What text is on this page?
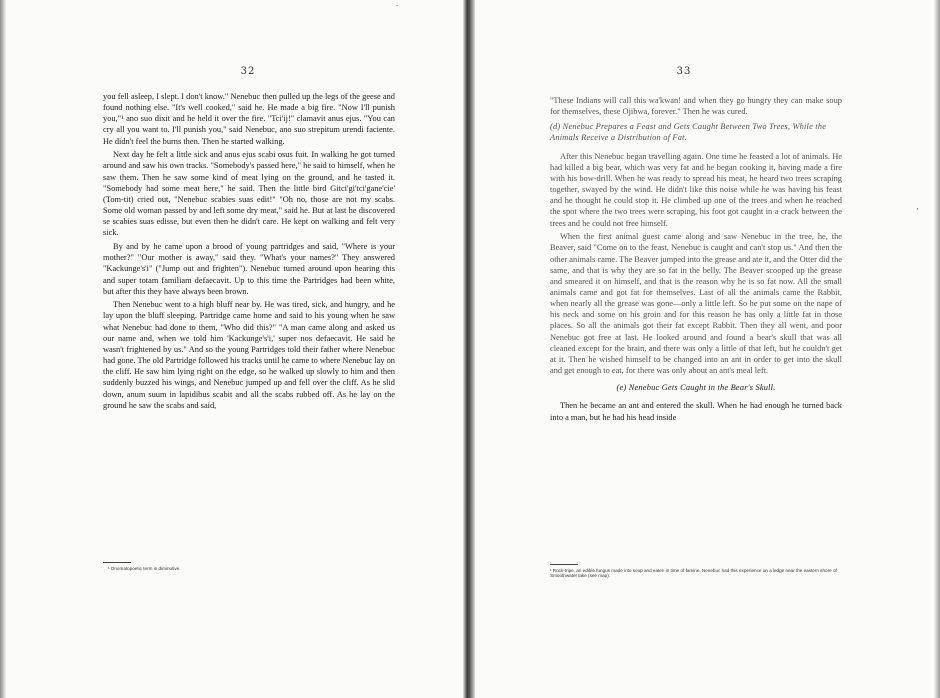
32

you fell asleep, I slept. I don't know." Nenebuc then pulled up the legs of the geese and found nothing else. "It's well cooked," said he. He made a big fire. "Now I'll punish you,"¹ ano suo dixit and he held it over the fire. "Tci'ij!" clamavit anus ejus. "You can cry all you want to. I'll punish you," said Nenebuc, ano suo strepitum urendi faciente. He didn't feel the burns then. Then he started walking.

Next day he felt a little sick and anus ejus scabi osus fuit. In walking he got turned around and saw his own tracks. "Somebody's passed here," he said to himself, when he saw them. Then he saw some kind of meat lying on the ground, and he tasted it. "Somebody had some meat here," he said. Then the little bird Gitci'gi'tci'gane'cie' (Tom-tit) cried out, "Nenebuc scabies suas edit!" "Oh no, those are not my scabs. Some old woman passed by and left some dry meat," said he. But at last he discovered se scabies suas edisse, but even then he didn't care. He kept on walking and felt very sick.

By and by he came upon a brood of young partridges and said, "Where is your mother?" "Our mother is away," said they. "What's your names?" They answered "Kackunge's'i" ("Jump out and frighten"). Nenebuc turned around upon hearing this and super totam familiam defaecavit. Up to this time the Partridges had been white, but after this they have always been brown.

Then Nenebuc went to a high bluff near by. He was tired, sick, and hungry, and he lay upon the bluff sleeping. Partridge came home and said to his young when he saw what Nenebuc had done to them, "Who did this?" "A man came along and asked us our name and, when we told him 'Kackunge's'i,' super nos defaecavit. He said he wasn't frightened by us." And so the young Partridges told their father where Nenebuc had gone. The old Partridge followed his tracks until he came to where Nenebuc lay on the cliff. He saw him lying right on the edge, so he walked up slowly to him and then suddenly buzzed his wings, and Nenebuc jumped up and fell over the cliff. As he slid down, anum suum in lapidibus scabit and all the scabs rubbed off. As he lay on the ground he saw the scabs and said,

¹ Onomatopoetic term in diminutive.
33

"These Indians will call this wa'kwan! and when they go hungry they can make soup for themselves, these Ojibwa, forever." Then he was cured.

(d) Nenebuc Prepares a Feast and Gets Caught Between Two Trees, While the Animals Receive a Distribution of Fat.

After this Nenebuc began travelling again. One time he feasted a lot of animals. He had killed a big bear, which was very fat and he began cooking it, having made a fire with his bow-drill. When he was ready to spread his meat, he heard two trees scraping together, swayed by the wind. He didn't like this noise while he was having his feast and he thought he could stop it. He climbed up one of the trees and when he reached the spot where the two trees were scraping, his foot got caught in a crack between the trees and he could not free himself.

When the first animal guest came along and saw Nenebuc in the tree, he, the Beaver, said "Come on to the feast, Nenebuc is caught and can't stop us." And then the other animals came. The Beaver jumped into the grease and ate it, and the Otter did the same, and that is why they are so fat in the belly. The Beaver scooped up the grease and smeared it on himself, and that is the reason why he is so fat now. All the small animals came and got fat for themselves. Last of all the animals came the Rabbit, when nearly all the grease was gone—only a little left. So he put some on the nape of his neck and some on his groin and for this reason he has only a little fat in those places. So all the animals got their fat except Rabbit. Then they all went, and poor Nenebuc got free at last. He looked around and found a bear's skull that was all cleaned except for the brain, and there was only a little of that left, but he couldn't get at it. Then he wished himself to be changed into an ant in order to get into the skull and get enough to eat, for there was only about an ant's meal left.

(e) Nenebuc Gets Caught in the Bear's Skull.

Then he became an ant and entered the skull. When he had enough he turned back into a man, but he had his head inside

¹ Rock-tripe, an edible fungus made into soup and eaten in time of famine. Nenebuc had this experience on a ledge near the eastern shore of Smoothwater lake (see map).
·
·
